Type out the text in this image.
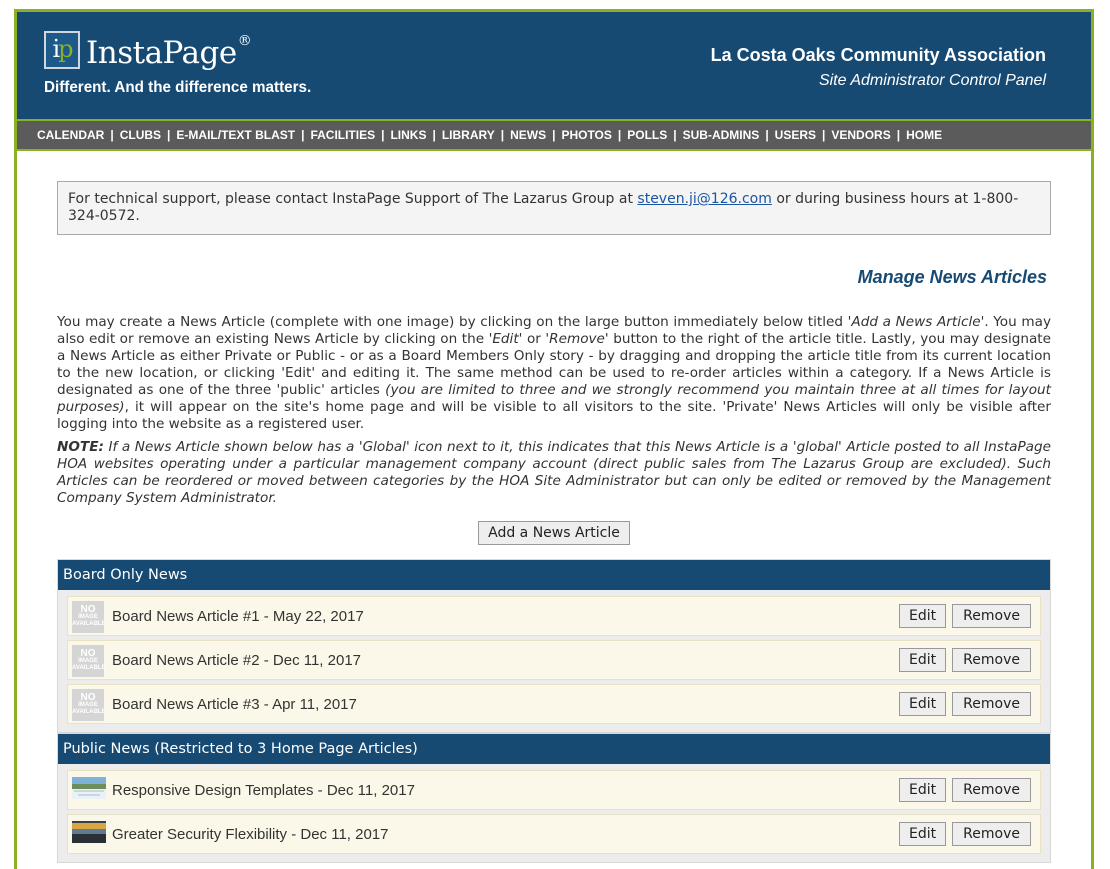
ip InstaPage®
Different. And the difference matters.
La Costa Oaks Community Association
Site Administrator Control Panel
CALENDAR | CLUBS | E-MAIL/TEXT BLAST | FACILITIES | LINKS | LIBRARY | NEWS | PHOTOS | POLLS | SUB-ADMINS | USERS | VENDORS | HOME
For technical support, please contact InstaPage Support of The Lazarus Group at steven.ji@126.com or during business hours at 1-800-324-0572.
Manage News Articles
You may create a News Article (complete with one image) by clicking on the large button immediately below titled 'Add a News Article'. You may also edit or remove an existing News Article by clicking on the 'Edit' or 'Remove' button to the right of the article title. Lastly, you may designate a News Article as either Private or Public - or as a Board Members Only story - by dragging and dropping the article title from its current location to the new location, or clicking 'Edit' and editing it. The same method can be used to re-order articles within a category. If a News Article is designated as one of the three 'public' articles (you are limited to three and we strongly recommend you maintain three at all times for layout purposes), it will appear on the site's home page and will be visible to all visitors to the site. 'Private' News Articles will only be visible after logging into the website as a registered user.
NOTE: If a News Article shown below has a 'Global' icon next to it, this indicates that this News Article is a 'global' Article posted to all InstaPage HOA websites operating under a particular management company account (direct public sales from The Lazarus Group are excluded). Such Articles can be reordered or moved between categories by the HOA Site Administrator but can only be edited or removed by the Management Company System Administrator.
Add a News Article
Board Only News
NO
IMAGE
AVAILABLE Board News Article #1 - May 22, 2017	Edit	Remove
NO
IMAGE
AVAILABLE Board News Article #2 - Dec 11, 2017	Edit	Remove
NO
IMAGE
AVAILABLE Board News Article #3 - Apr 11, 2017	Edit	Remove
Public News (Restricted to 3 Home Page Articles)
Responsive Design Templates - Dec 11, 2017	Edit	Remove
Greater Security Flexibility - Dec 11, 2017	Edit	Remove
